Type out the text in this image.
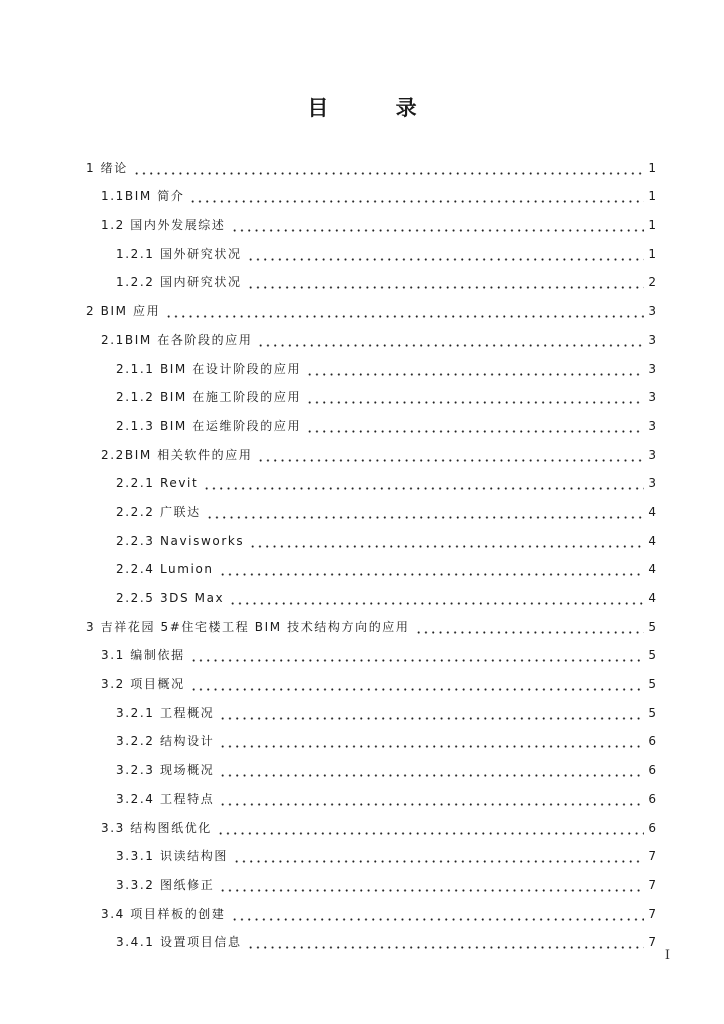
目 录
1 绪论	1
1.1BIM 简介	1
1.2 国内外发展综述	1
1.2.1 国外研究状况	1
1.2.2 国内研究状况	2
2 BIM 应用	3
2.1BIM 在各阶段的应用	3
2.1.1 BIM 在设计阶段的应用	3
2.1.2 BIM 在施工阶段的应用	3
2.1.3 BIM 在运维阶段的应用	3
2.2BIM 相关软件的应用	3
2.2.1 Revit	3
2.2.2 广联达	4
2.2.3 Navisworks	4
2.2.4 Lumion	4
2.2.5 3DS Max	4
3 吉祥花园 5#住宅楼工程 BIM 技术结构方向的应用	5
3.1 编制依据	5
3.2 项目概况	5
3.2.1 工程概况	5
3.2.2 结构设计	6
3.2.3 现场概况	6
3.2.4 工程特点	6
3.3 结构图纸优化	6
3.3.1 识读结构图	7
3.3.2 图纸修正	7
3.4 项目样板的创建	7
3.4.1 设置项目信息	7
I
